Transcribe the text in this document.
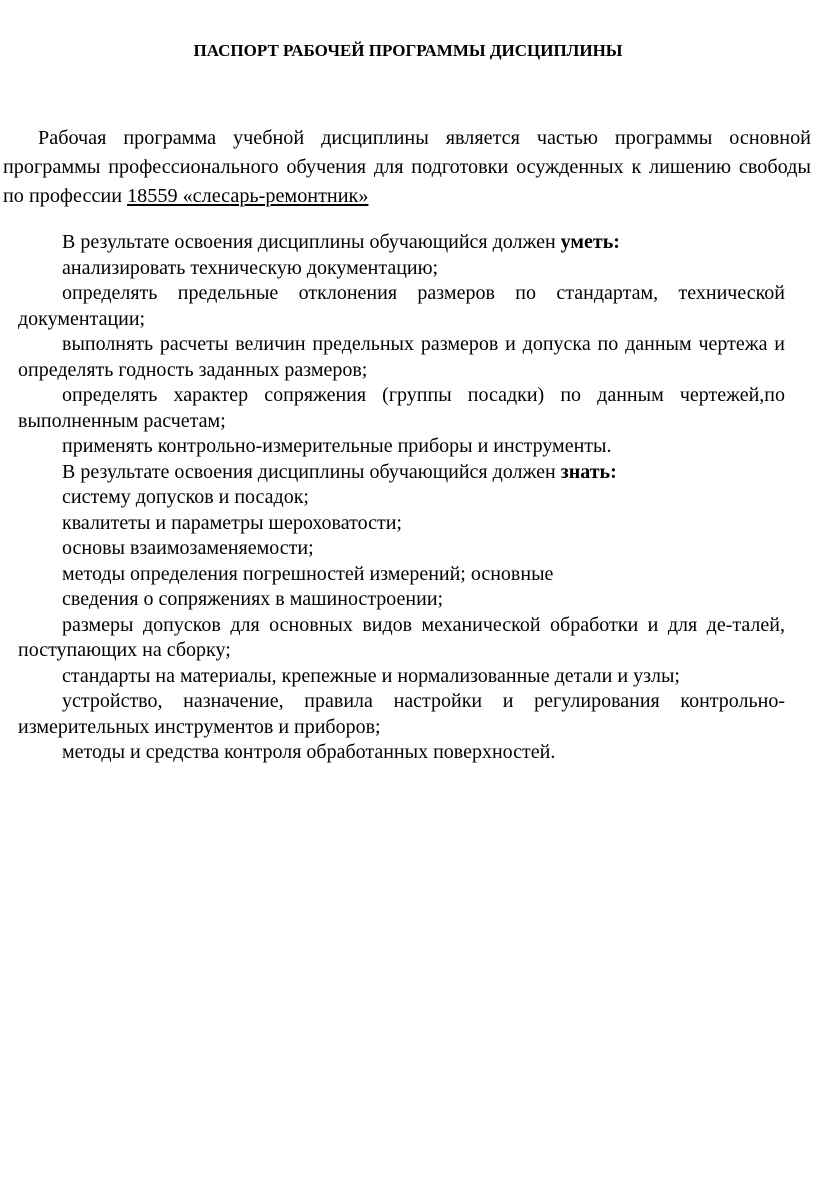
ПАСПОРТ РАБОЧЕЙ ПРОГРАММЫ ДИСЦИПЛИНЫ

Рабочая программа учебной дисциплины является частью программы основной программы профессионального обучения для подготовки осужденных к лишению свободы по профессии 18559 «слесарь-ремонтник»

В результате освоения дисциплины обучающийся должен уметь:

анализировать техническую документацию;

определять предельные отклонения размеров по стандартам, технической документации;

выполнять расчеты величин предельных размеров и допуска по данным чертежа и определять годность заданных размеров;

определять характер сопряжения (группы посадки) по данным чертежей,по выполненным расчетам;

применять контрольно-измерительные приборы и инструменты.

В результате освоения дисциплины обучающийся должен знать:

систему допусков и посадок;

квалитеты и параметры шероховатости;

основы взаимозаменяемости;

методы определения погрешностей измерений; основные

сведения о сопряжениях в машиностроении;

размеры допусков для основных видов механической обработки и для де-талей, поступающих на сборку;

стандарты на материалы, крепежные и нормализованные детали и узлы;

устройство, назначение, правила настройки и регулирования контрольно-измерительных инструментов и приборов;

методы и средства контроля обработанных поверхностей.
